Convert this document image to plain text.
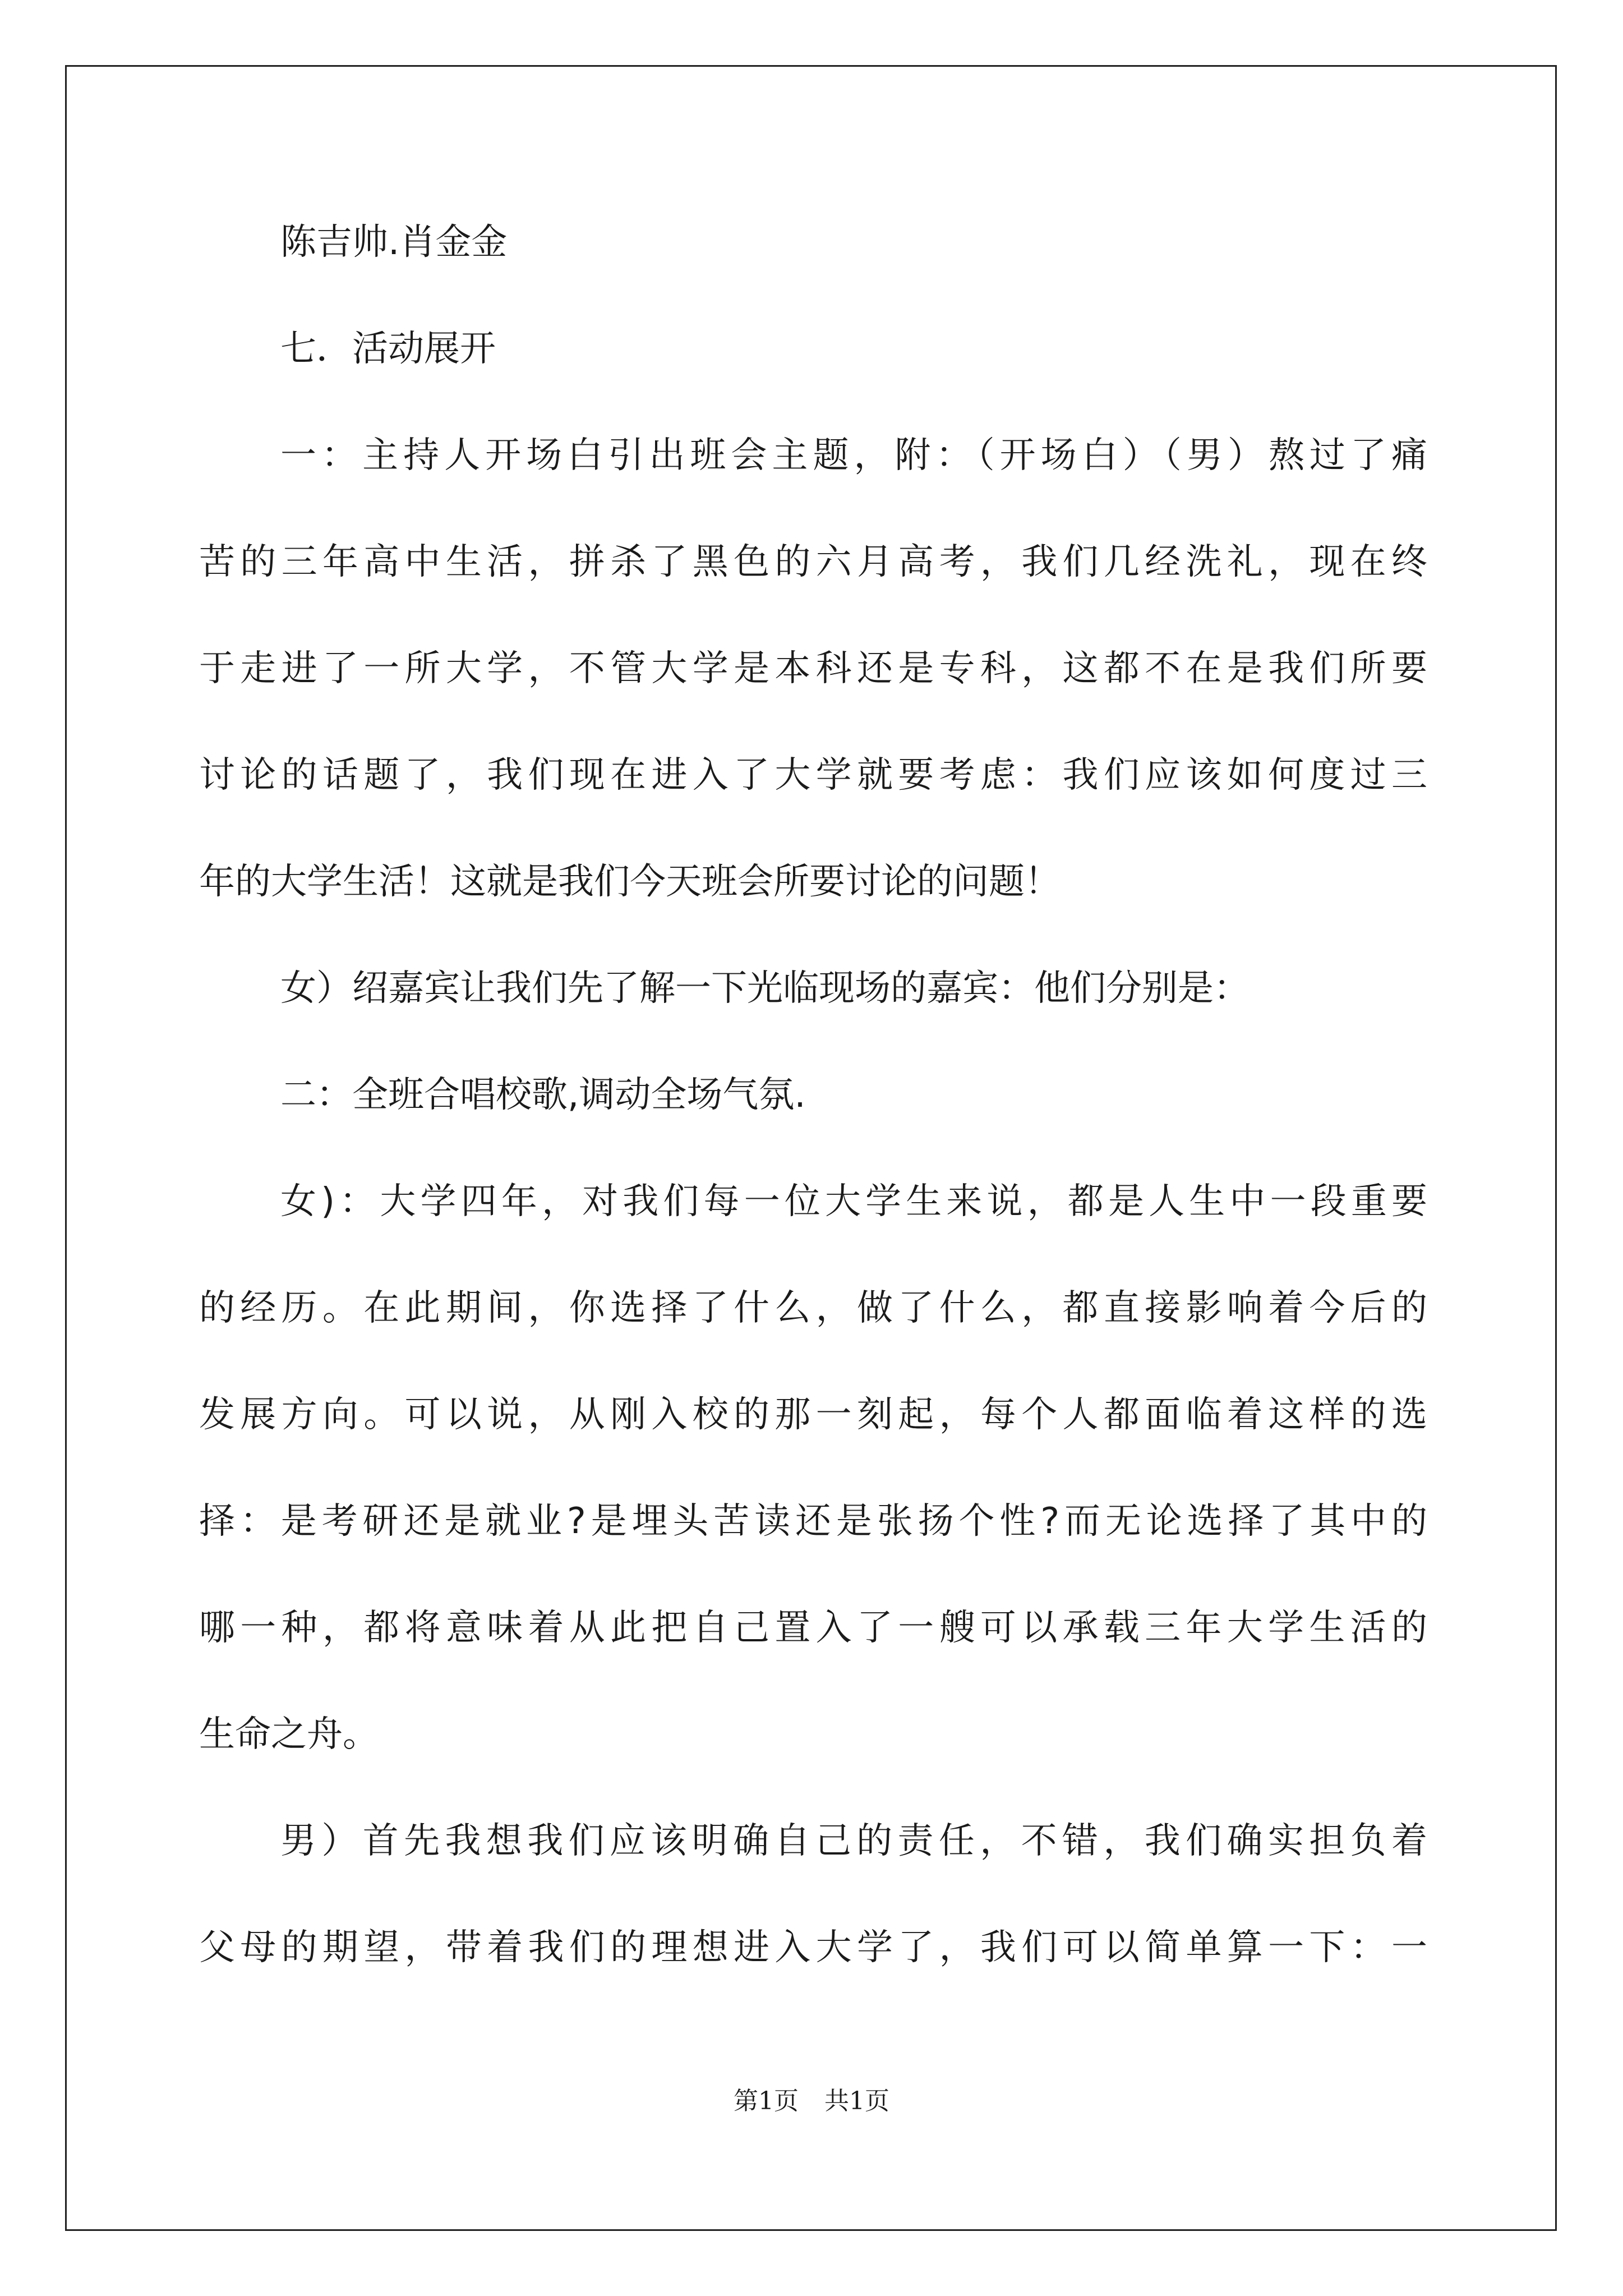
陈吉帅.肖金金
七．活动展开
一：主持人开场白引出班会主题，附：（开场白）（男）熬过了痛
苦的三年高中生活，拼杀了黑色的六月高考，我们几经洗礼，现在终
于走进了一所大学，不管大学是本科还是专科，这都不在是我们所要
讨论的话题了，我们现在进入了大学就要考虑：我们应该如何度过三
年的大学生活！这就是我们今天班会所要讨论的问题！
女）绍嘉宾让我们先了解一下光临现场的嘉宾：他们分别是：
二：全班合唱校歌,调动全场气氛.
女)：大学四年，对我们每一位大学生来说，都是人生中一段重要
的经历。在此期间，你选择了什么，做了什么，都直接影响着今后的
发展方向。可以说，从刚入校的那一刻起，每个人都面临着这样的选
择：是考研还是就业?是埋头苦读还是张扬个性?而无论选择了其中的
哪一种，都将意味着从此把自己置入了一艘可以承载三年大学生活的
生命之舟。
男）首先我想我们应该明确自己的责任，不错，我们确实担负着
父母的期望，带着我们的理想进入大学了，我们可以简单算一下：一
第1页 共1页
